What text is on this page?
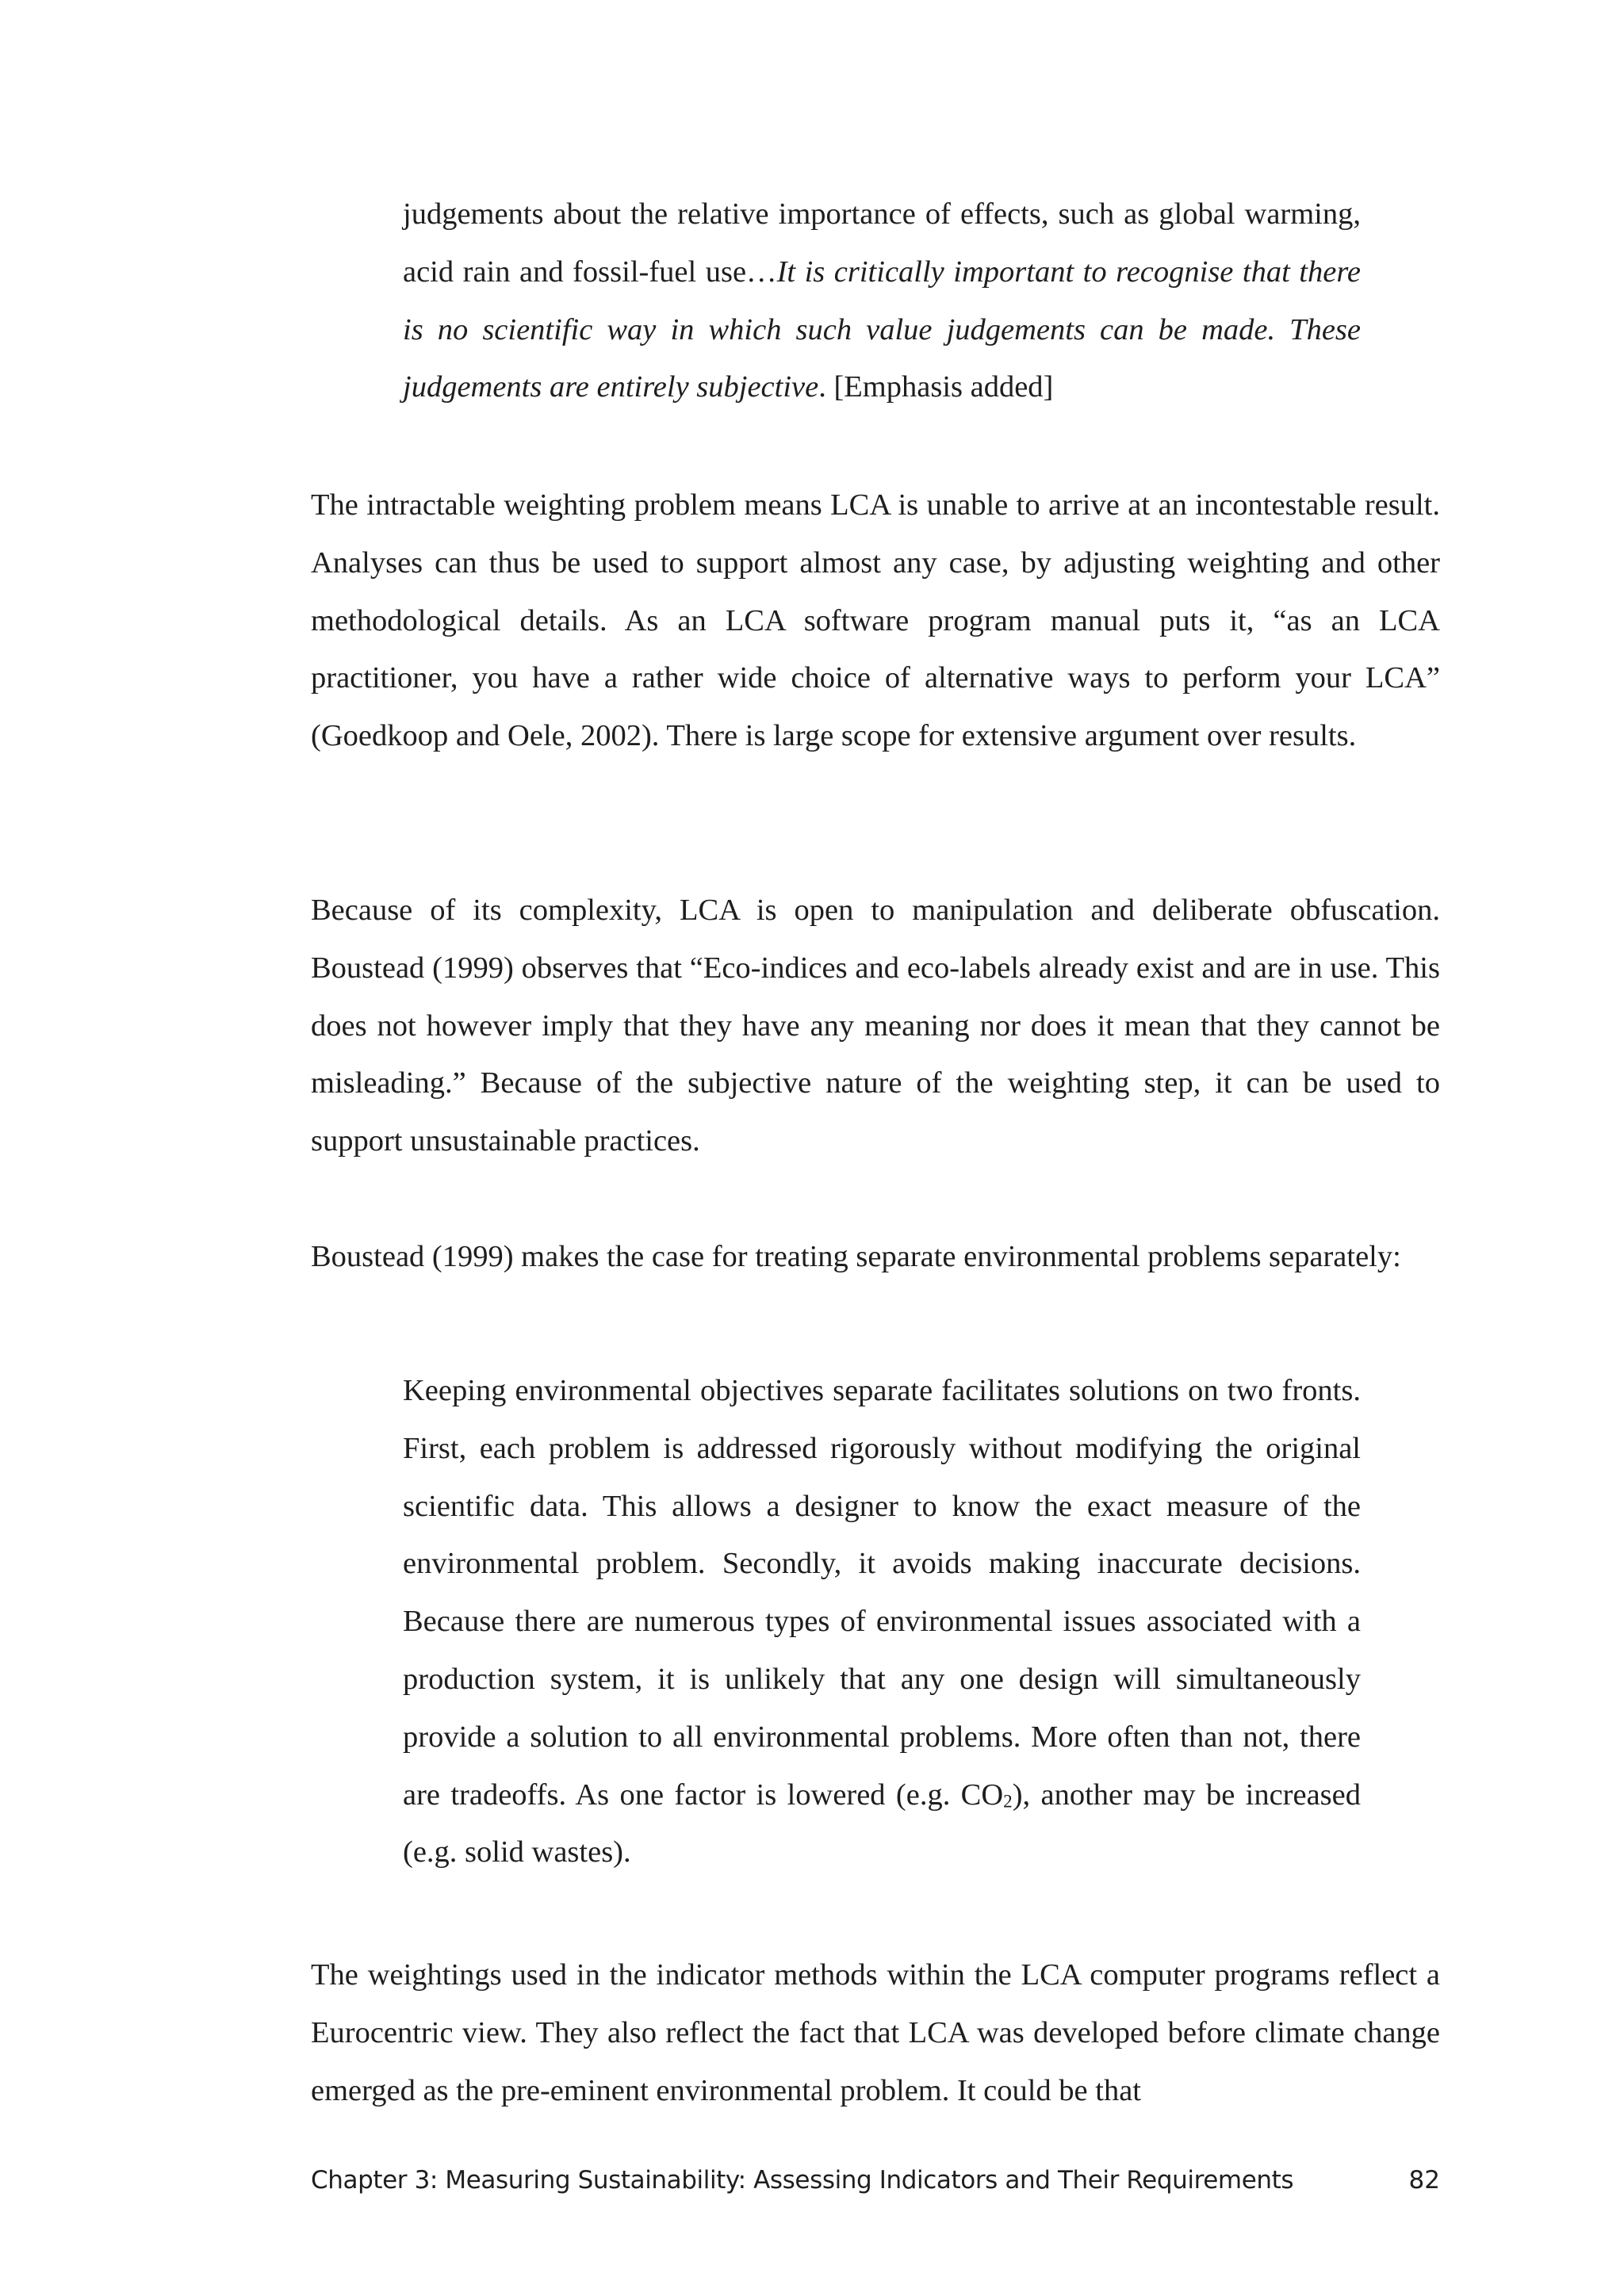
judgements about the relative importance of effects, such as global warming, acid rain and fossil-fuel use…It is critically important to recognise that there is no scientific way in which such value judgements can be made. These judgements are entirely subjective. [Emphasis added]

The intractable weighting problem means LCA is unable to arrive at an incontestable result. Analyses can thus be used to support almost any case, by adjusting weighting and other methodological details. As an LCA software program manual puts it, “as an LCA practitioner, you have a rather wide choice of alternative ways to perform your LCA” (Goedkoop and Oele, 2002). There is large scope for extensive argument over results.

Because of its complexity, LCA is open to manipulation and deliberate obfuscation. Boustead (1999) observes that “Eco-indices and eco-labels already exist and are in use. This does not however imply that they have any meaning nor does it mean that they cannot be misleading.” Because of the subjective nature of the weighting step, it can be used to support unsustainable practices.

Boustead (1999) makes the case for treating separate environmental problems separately:

Keeping environmental objectives separate facilitates solutions on two fronts. First, each problem is addressed rigorously without modifying the original scientific data. This allows a designer to know the exact measure of the environmental problem. Secondly, it avoids making inaccurate decisions. Because there are numerous types of environmental issues associated with a production system, it is unlikely that any one design will simultaneously provide a solution to all environmental problems. More often than not, there are tradeoffs. As one factor is lowered (e.g. $CO_2$), another may be increased (e.g. solid wastes).

The weightings used in the indicator methods within the LCA computer programs reflect a Eurocentric view. They also reflect the fact that LCA was developed before climate change emerged as the pre-eminent environmental problem. It could be that

Chapter 3: Measuring Sustainability: Assessing Indicators and Their Requirements	82
